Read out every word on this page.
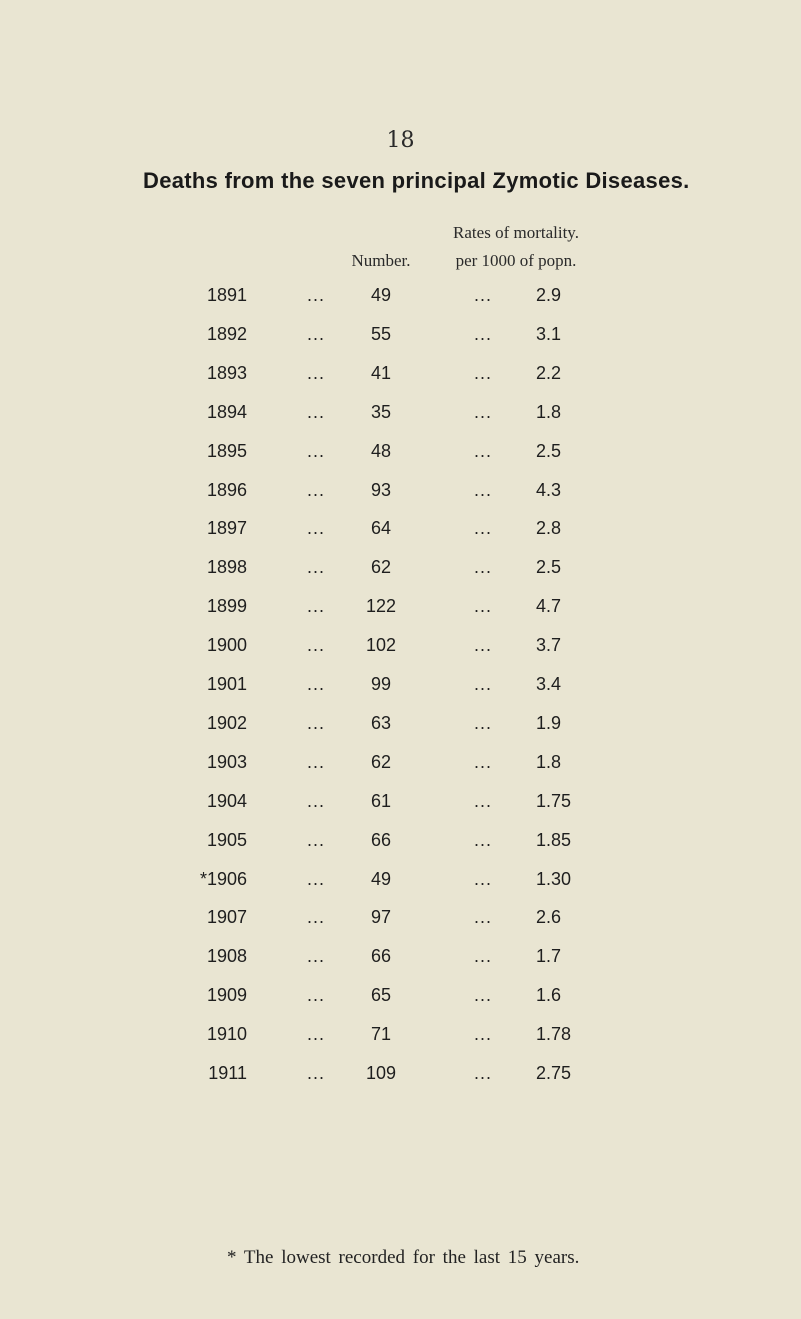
18
Deaths from the seven principal Zymotic Diseases.
Rates of mortality.
Number.	per 1000 of popn.
1891	...	49	... 2.9
1892	...	55	... 3.1
1893	...	41	... 2.2
1894	...	35	... 1.8
1895	...	48	... 2.5
1896	...	93	... 4.3
1897	...	64	... 2.8
1898	...	62	... 2.5
1899	...	122	... 4.7
1900	...	102	... 3.7
1901	...	99	... 3.4
1902	...	63	... 1.9
1903	...	62	... 1.8
1904	...	61	... 1.75
1905	...	66	... 1.85
*1906	...	49	... 1.30
1907	...	97	... 2.6
1908	...	66	... 1.7
1909	...	65	... 1.6
1910	...	71	... 1.78
1911	...	109	... 2.75
* The lowest recorded for the last 15 years.
